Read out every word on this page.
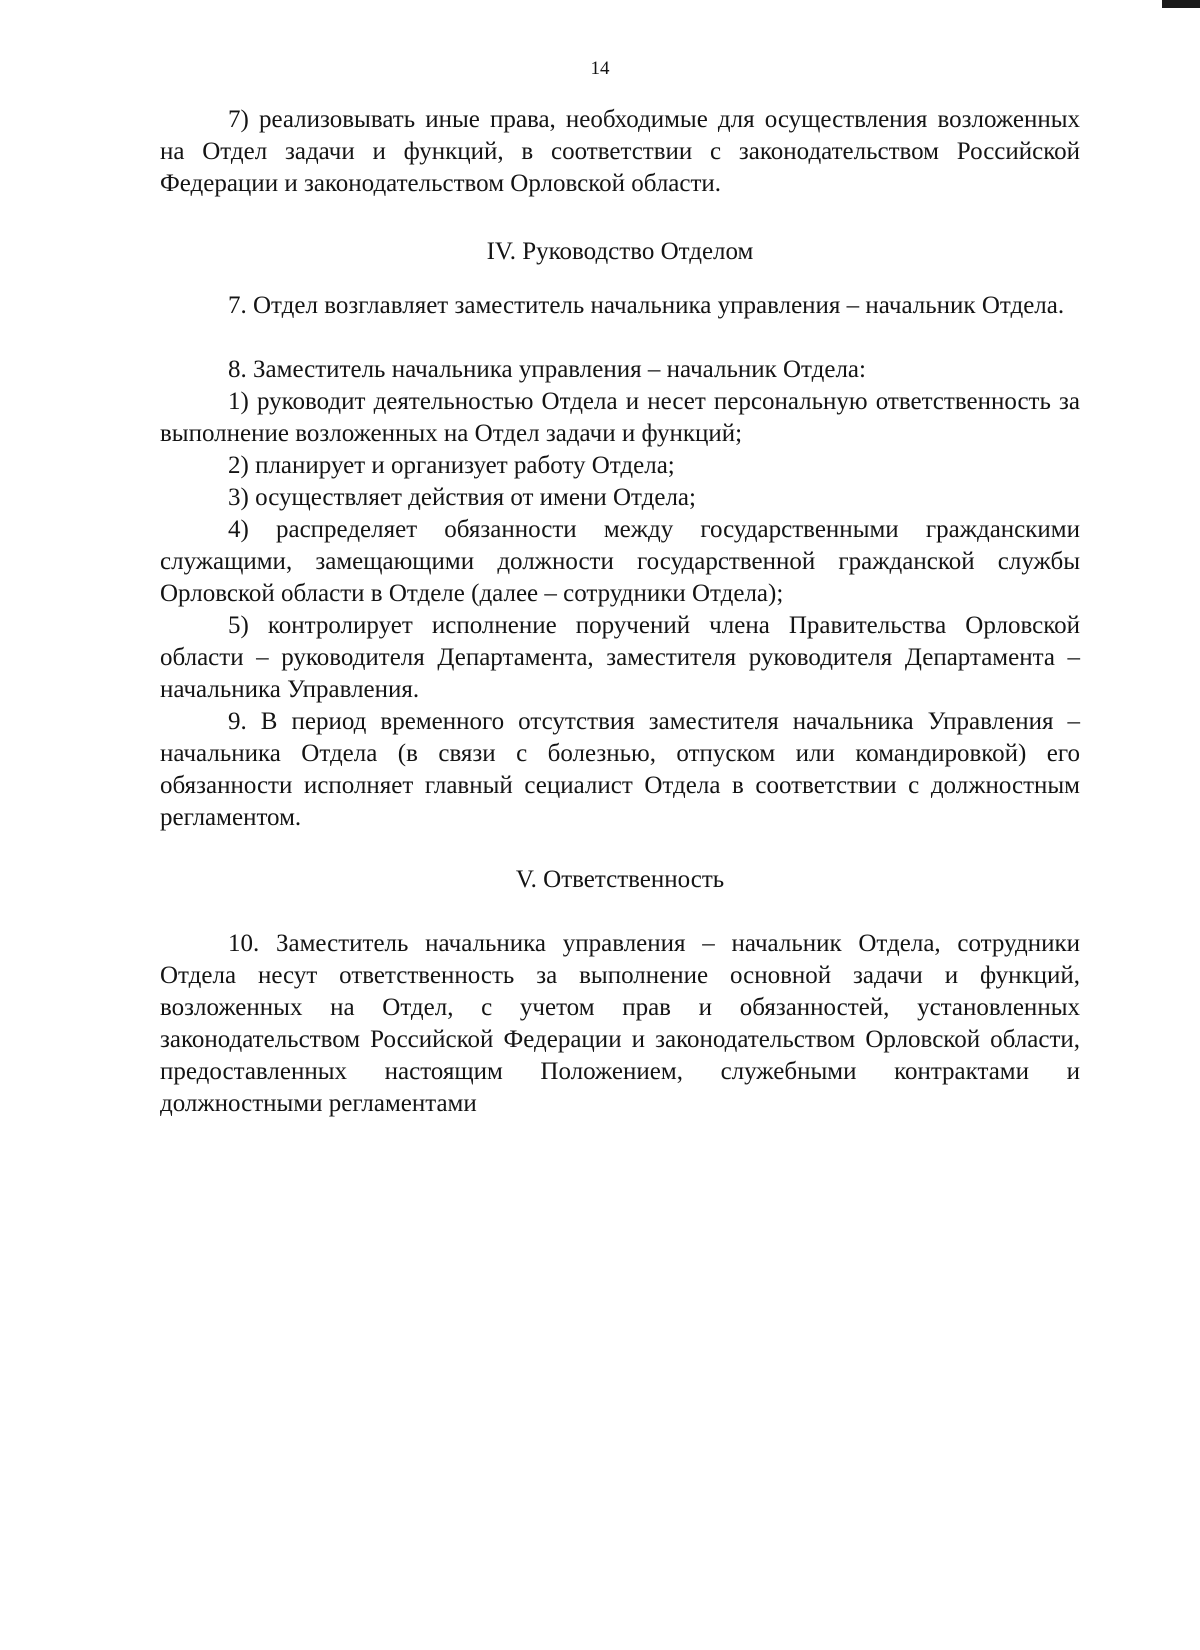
14

7) реализовывать иные права, необходимые для осуществления возложенных на Отдел задачи и функций, в соответствии с законодательством Российской Федерации и законодательством Орловской области.

IV. Руководство Отделом

7. Отдел возглавляет заместитель начальника управления – начальник Отдела.

8. Заместитель начальника управления – начальник Отдела:

1) руководит деятельностью Отдела и несет персональную ответственность за выполнение возложенных на Отдел задачи и функций;

2) планирует и организует работу Отдела;

3) осуществляет действия от имени Отдела;

4) распределяет обязанности между государственными гражданскими служащими, замещающими должности государственной гражданской службы Орловской области в Отделе (далее – сотрудники Отдела);

5) контролирует исполнение поручений члена Правительства Орловской области – руководителя Департамента, заместителя руководителя Департамента – начальника Управления.

9. В период временного отсутствия заместителя начальника Управления – начальника Отдела (в связи с болезнью, отпуском или командировкой) его обязанности исполняет главный сециалист Отдела в соответствии с должностным регламентом.

V. Ответственность

10. Заместитель начальника управления – начальник Отдела, сотрудники Отдела несут ответственность за выполнение основной задачи и функций, возложенных на Отдел, с учетом прав и обязанностей, установленных законодательством Российской Федерации и законодательством Орловской области, предоставленных настоящим Положением, служебными контрактами и должностными регламентами
